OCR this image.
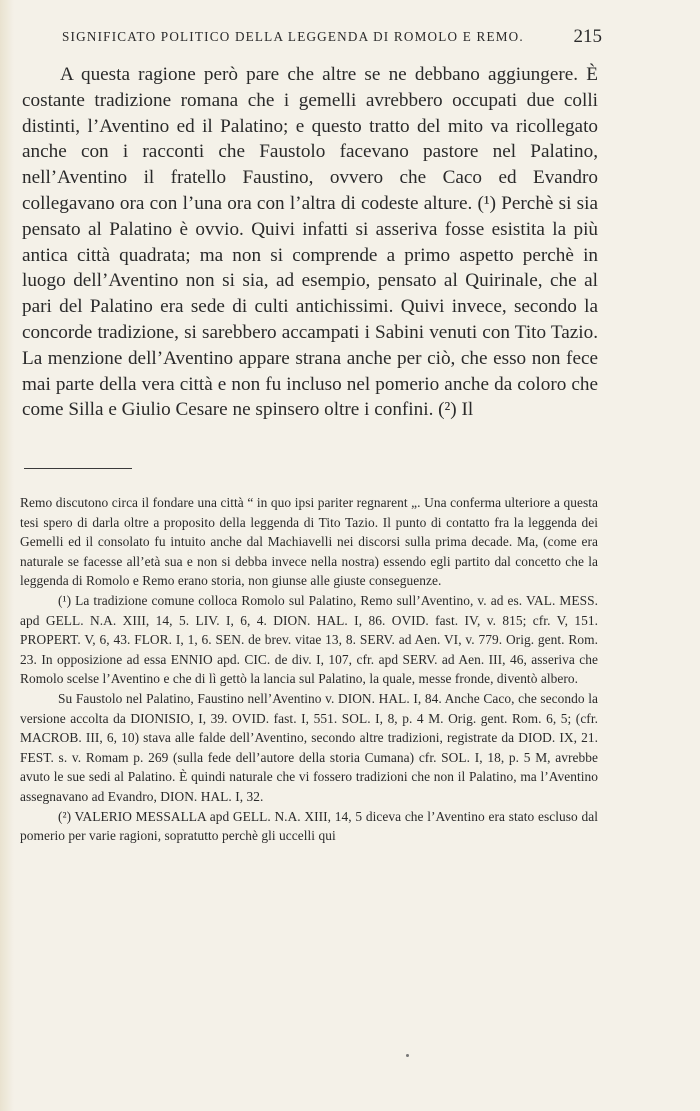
SIGNIFICATO POLITICO DELLA LEGGENDA DI ROMOLO E REMO.	215

A questa ragione però pare che altre se ne debbano aggiungere. È costante tradizione romana che i gemelli avrebbero occupati due colli distinti, l’Aventino ed il Palatino; e questo tratto del mito va ricollegato anche con i racconti che Faustolo facevano pastore nel Palatino, nell’Aventino il fratello Faustino, ovvero che Caco ed Evandro collegavano ora con l’una ora con l’altra di codeste alture. (¹) Perchè si sia pensato al Palatino è ovvio. Quivi infatti si asseriva fosse esistita la più antica città quadrata; ma non si comprende a primo aspetto perchè in luogo dell’Aventino non si sia, ad esempio, pensato al Quirinale, che al pari del Palatino era sede di culti antichissimi. Quivi invece, secondo la concorde tradizione, si sarebbero accampati i Sabini venuti con Tito Tazio. La menzione dell’Aventino appare strana anche per ciò, che esso non fece mai parte della vera città e non fu incluso nel pomerio anche da coloro che come Silla e Giulio Cesare ne spinsero oltre i confini. (²) Il

Remo discutono circa il fondare una città “ in quo ipsi pariter regnarent „. Una conferma ulteriore a questa tesi spero di darla oltre a proposito della leggenda di Tito Tazio. Il punto di contatto fra la leggenda dei Gemelli ed il consolato fu intuito anche dal Machiavelli nei discorsi sulla prima decade. Ma, (come era naturale se facesse all’età sua e non si debba invece nella nostra) essendo egli partito dal concetto che la leggenda di Romolo e Remo erano storia, non giunse alle giuste conseguenze.

(¹) La tradizione comune colloca Romolo sul Palatino, Remo sull’Aventino, v. ad es. VAL. MESS. apd GELL. N.A. XIII, 14, 5. LIV. I, 6, 4. DION. HAL. I, 86. OVID. fast. IV, v. 815; cfr. V, 151. PROPERT. V, 6, 43. FLOR. I, 1, 6. SEN. de brev. vitae 13, 8. SERV. ad Aen. VI, v. 779. Orig. gent. Rom. 23. In opposizione ad essa ENNIO apd. CIC. de div. I, 107, cfr. apd SERV. ad Aen. III, 46, asseriva che Romolo scelse l’Aventino e che di lì gettò la lancia sul Palatino, la quale, messe fronde, diventò albero.

Su Faustolo nel Palatino, Faustino nell’Aventino v. DION. HAL. I, 84. Anche Caco, che secondo la versione accolta da DIONISIO, I, 39. OVID. fast. I, 551. SOL. I, 8, p. 4 M. Orig. gent. Rom. 6, 5; (cfr. MACROB. III, 6, 10) stava alle falde dell’Aventino, secondo altre tradizioni, registrate da DIOD. IX, 21. FEST. s. v. Romam p. 269 (sulla fede dell’autore della storia Cumana) cfr. SOL. I, 18, p. 5 M, avrebbe avuto le sue sedi al Palatino. È quindi naturale che vi fossero tradizioni che non il Palatino, ma l’Aventino assegnavano ad Evandro, DION. HAL. I, 32.

(²) VALERIO MESSALLA apd GELL. N.A. XIII, 14, 5 diceva che l’Aventino era stato escluso dal pomerio per varie ragioni, sopratutto perchè gli uccelli qui
